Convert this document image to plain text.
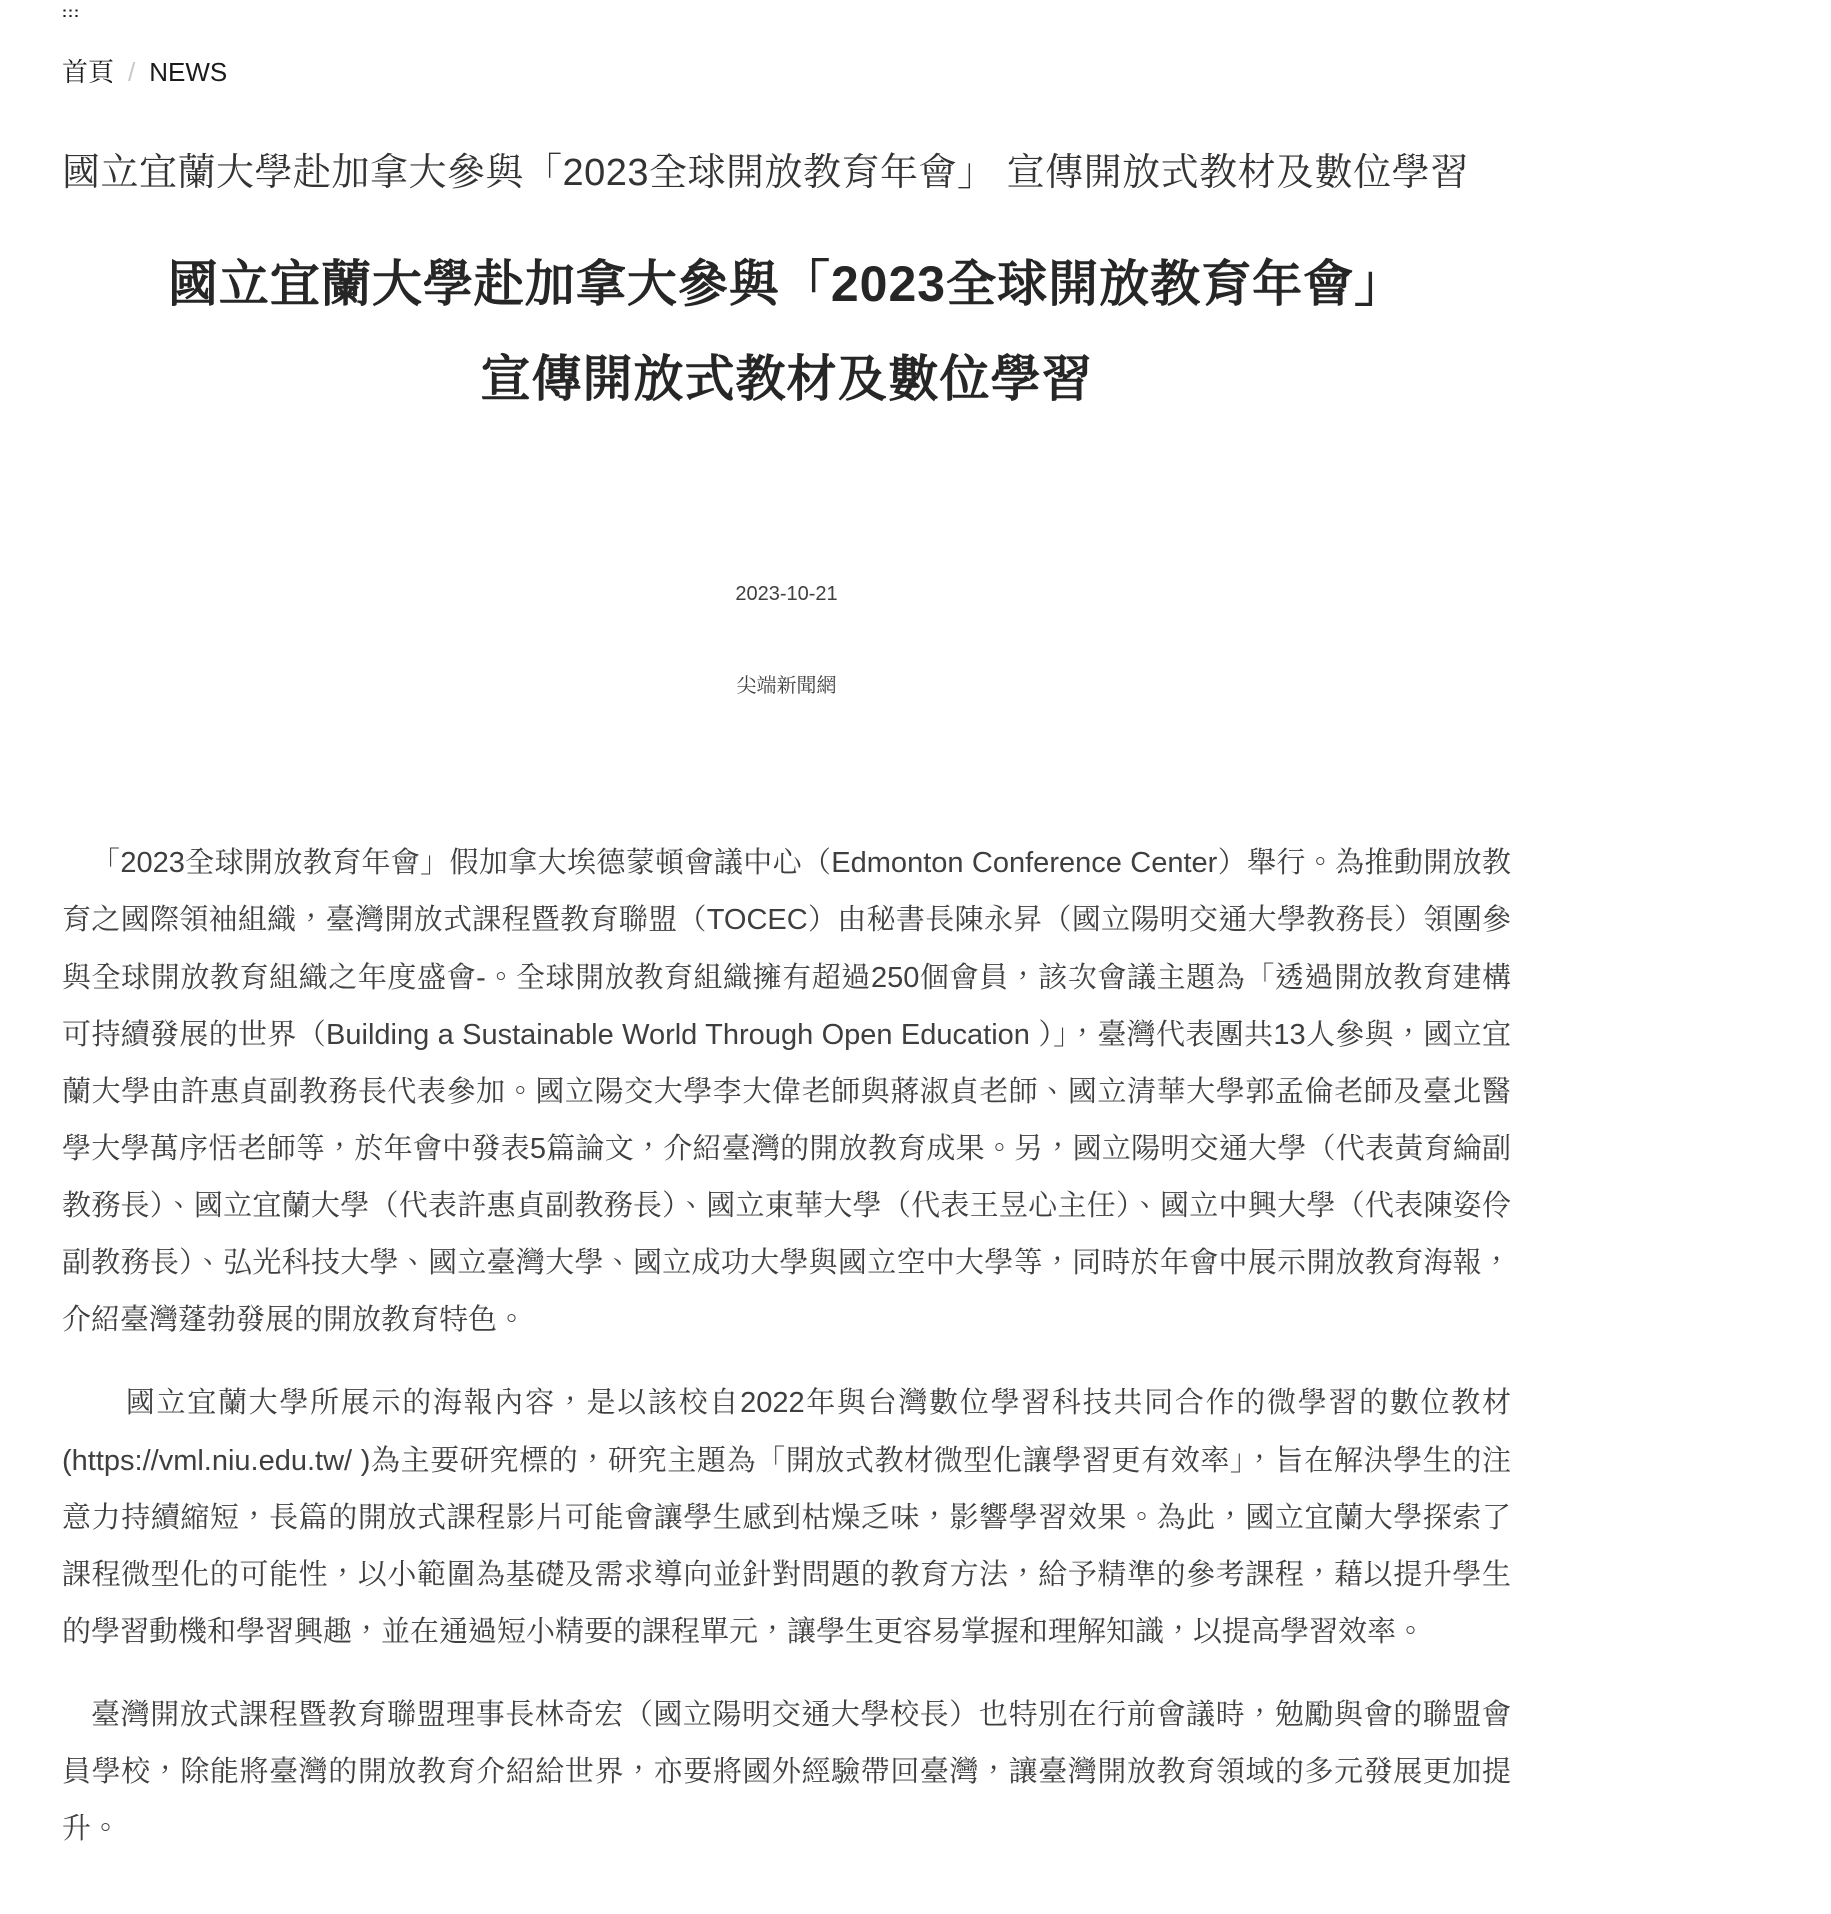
:::
首頁 / NEWS
國立宜蘭大學赴加拿大參與「2023全球開放教育年會」 宣傳開放式教材及數位學習
國立宜蘭大學赴加拿大參與「2023全球開放教育年會」
宣傳開放式教材及數位學習
2023-10-21
尖端新聞網

「2023全球開放教育年會」假加拿大埃德蒙頓會議中心（Edmonton Conference Center）舉行。為推動開放教育之國際領袖組織，臺灣開放式課程暨教育聯盟（TOCEC）由秘書長陳永昇（國立陽明交通大學教務長）領團參與全球開放教育組織之年度盛會-。全球開放教育組織擁有超過250個會員，該次會議主題為「透過開放教育建構可持續發展的世界（Building a Sustainable World Through Open Education ）」，臺灣代表團共13人參與，國立宜蘭大學由許惠貞副教務長代表參加。國立陽交大學李大偉老師與蔣淑貞老師、國立清華大學郭孟倫老師及臺北醫學大學萬序恬老師等，於年會中發表5篇論文，介紹臺灣的開放教育成果。另，國立陽明交通大學（代表黃育綸副教務長）、國立宜蘭大學（代表許惠貞副教務長）、國立東華大學（代表王昱心主任）、國立中興大學（代表陳姿伶副教務長）、弘光科技大學、國立臺灣大學、國立成功大學與國立空中大學等，同時於年會中展示開放教育海報，介紹臺灣蓬勃發展的開放教育特色。

國立宜蘭大學所展示的海報內容，是以該校自2022年與台灣數位學習科技共同合作的微學習的數位教材(https://vml.niu.edu.tw/ )為主要研究標的，研究主題為「開放式教材微型化讓學習更有效率」，旨在解決學生的注意力持續縮短，長篇的開放式課程影片可能會讓學生感到枯燥乏味，影響學習效果。為此，國立宜蘭大學探索了課程微型化的可能性，以小範圍為基礎及需求導向並針對問題的教育方法，給予精準的參考課程，藉以提升學生的學習動機和學習興趣，並在通過短小精要的課程單元，讓學生更容易掌握和理解知識，以提高學習效率。

臺灣開放式課程暨教育聯盟理事長林奇宏（國立陽明交通大學校長）也特別在行前會議時，勉勵與會的聯盟會員學校，除能將臺灣的開放教育介紹給世界，亦要將國外經驗帶回臺灣，讓臺灣開放教育領域的多元發展更加提升。
